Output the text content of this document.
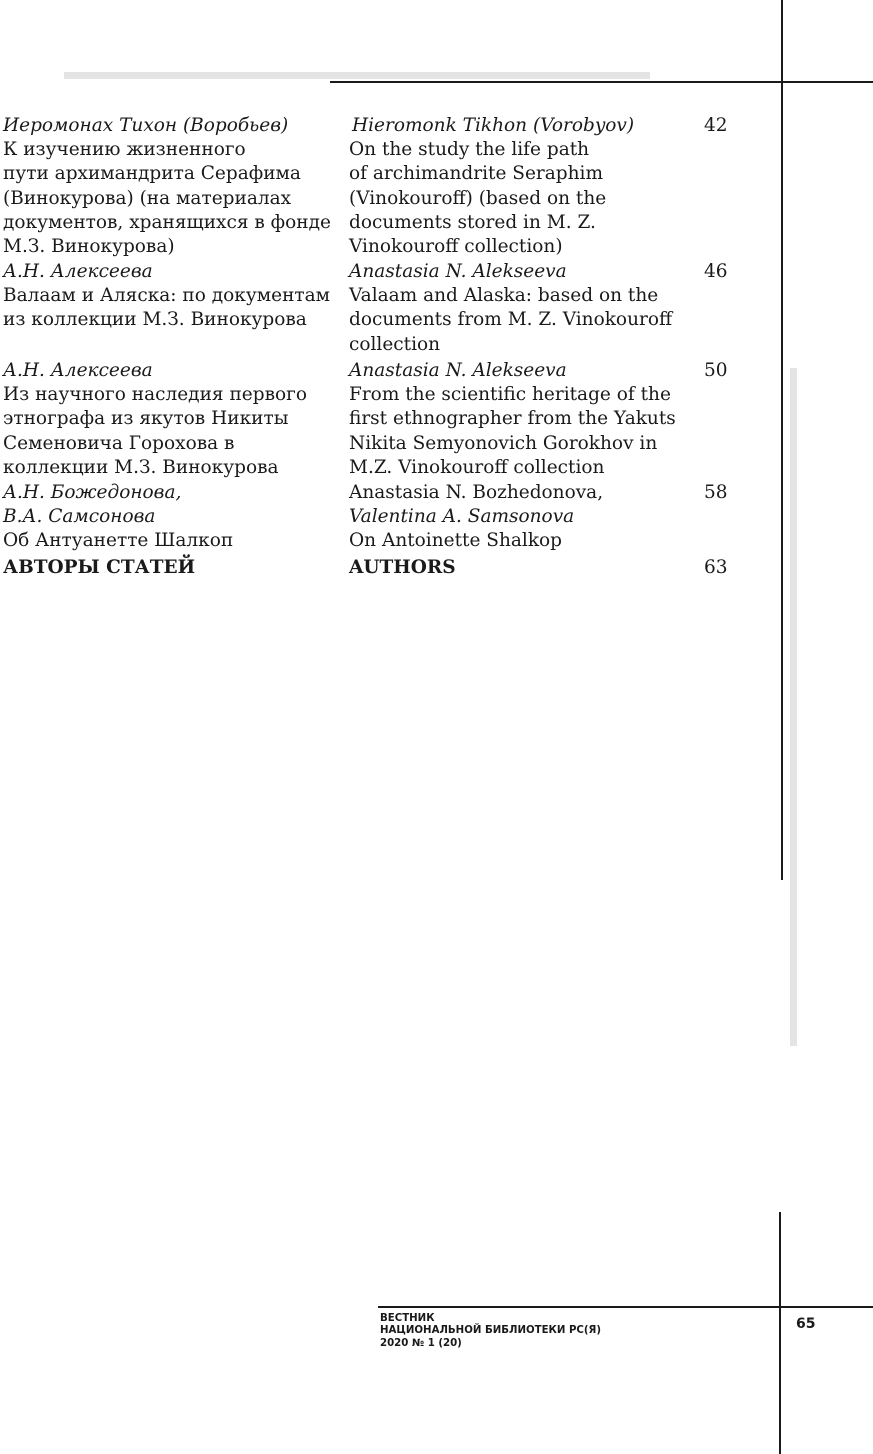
Иеромонах Тихон (Воробьев)
К изучению жизненного
пути архимандрита Серафима
(Винокурова) (на материалах
документов, хранящихся в фонде
М.З. Винокурова)
Hieromonk Tikhon (Vorobyov)
On the study the life path
of archimandrite Seraphim
(Vinokouroff) (based on the
documents stored in M. Z.
Vinokouroff collection)
42
А.Н. Алексеева
Валаам и Аляска: по документам
из коллекции М.З. Винокурова
Anastasia N. Alekseeva
Valaam and Alaska: based on the
documents from M. Z. Vinokouroff
collection
46
А.Н. Алексеева
Из научного наследия первого
этнографа из якутов Никиты
Семеновича Горохова в
коллекции М.З. Винокурова
Anastasia N. Alekseeva
From the scientific heritage of the
first ethnographer from the Yakuts
Nikita Semyonovich Gorokhov in
M.Z. Vinokouroff collection
50
А.Н. Божедонова,
В.А. Самсонова
Об Антуанетте Шалкоп
Anastasia N. Bozhedonova,
Valentina A. Samsonova
On Antoinette Shalkop
58
АВТОРЫ СТАТЕЙ	AUTHORS	63
ВЕСТНИК
НАЦИОНАЛЬНОЙ БИБЛИОТЕКИ РС(Я)
2020 № 1 (20)
65
